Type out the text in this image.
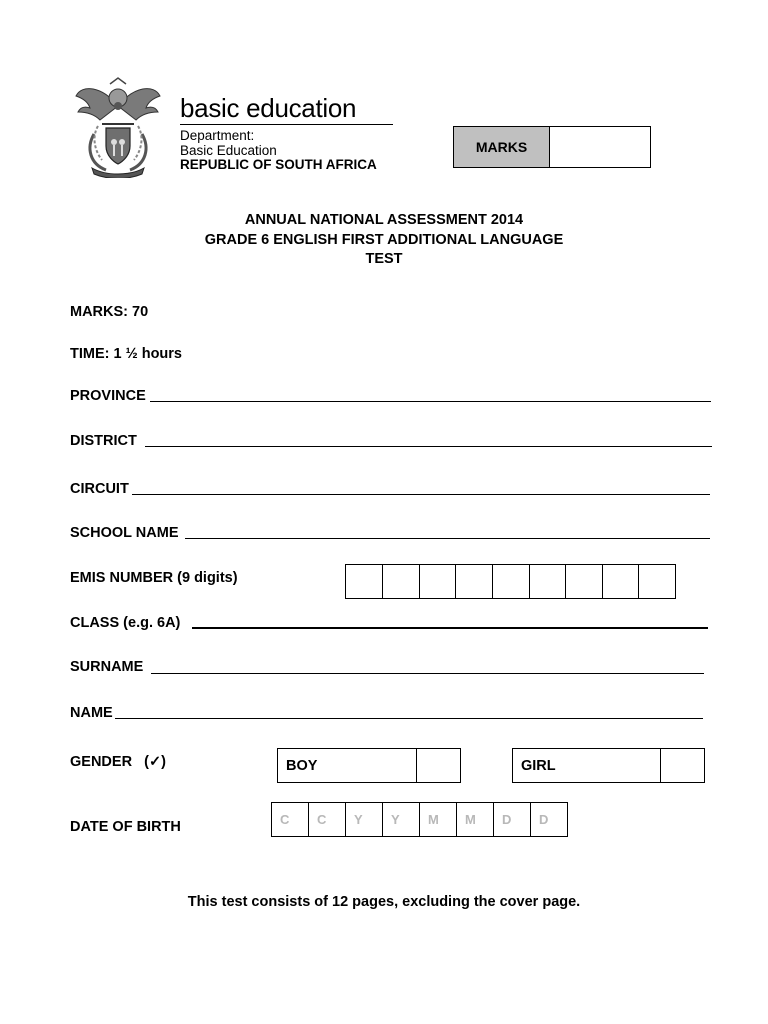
basic education
Department:
Basic Education
REPUBLIC OF SOUTH AFRICA
MARKS
ANNUAL NATIONAL ASSESSMENT 2014
GRADE 6 ENGLISH FIRST ADDITIONAL LANGUAGE
TEST
MARKS: 70
TIME: 1 ½ hours
PROVINCE
DISTRICT
CIRCUIT
SCHOOL NAME
EMIS NUMBER (9 digits)
CLASS (e.g. 6A)
SURNAME
NAME
GENDER   (✓)	BOY	GIRL
DATE OF BIRTH	C	C	Y	Y	M	M	D	D
This test consists of 12 pages, excluding the cover page.
